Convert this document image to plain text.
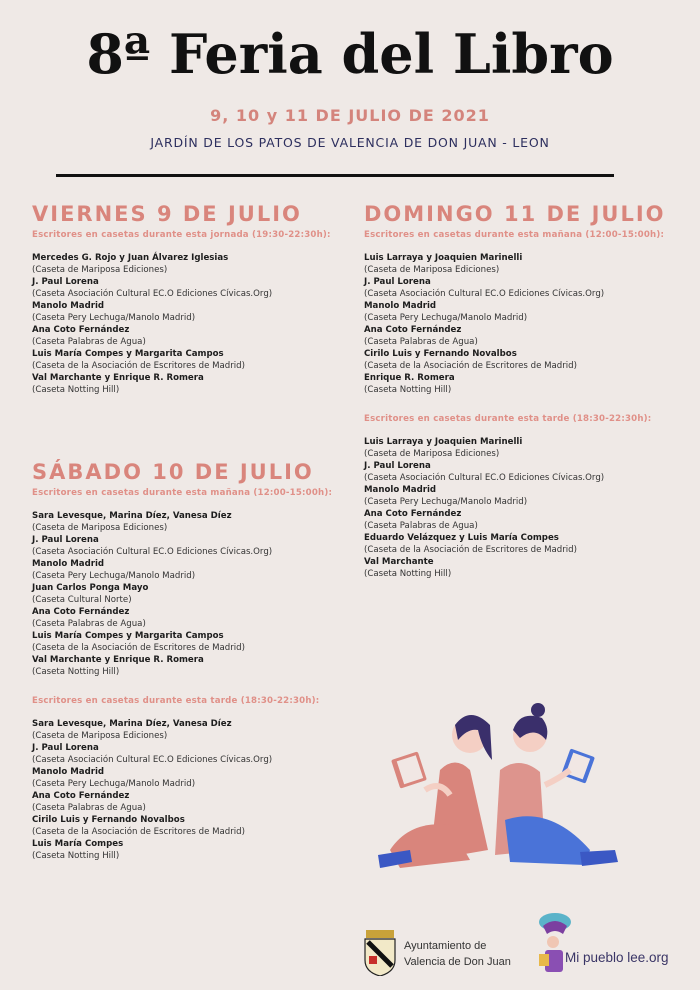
8ª Feria del Libro
9, 10 y 11 DE JULIO DE 2021
JARDÍN DE LOS PATOS DE VALENCIA DE DON JUAN - LEON
VIERNES 9 DE JULIO
Escritores en casetas durante esta jornada (19:30-22:30h):
Mercedes G. Rojo y Juan Álvarez Iglesias
(Caseta de Mariposa Ediciones)
J. Paul Lorena
(Caseta Asociación Cultural EC.O Ediciones Cívicas.Org)
Manolo Madrid
(Caseta Pery Lechuga/Manolo Madrid)
Ana Coto Fernández
(Caseta Palabras de Agua)
Luis María Compes y Margarita Campos
(Caseta de la Asociación de Escritores de Madrid)
Val Marchante y Enrique R. Romera
(Caseta Notting Hill)
SÁBADO 10 DE JULIO
Escritores en casetas durante esta mañana (12:00-15:00h):
Sara Levesque, Marina Díez, Vanesa Díez
(Caseta de Mariposa Ediciones)
J. Paul Lorena
(Caseta Asociación Cultural EC.O Ediciones Cívicas.Org)
Manolo Madrid
(Caseta Pery Lechuga/Manolo Madrid)
Juan Carlos Ponga Mayo
(Caseta Cultural Norte)
Ana Coto Fernández
(Caseta Palabras de Agua)
Luis María Compes y Margarita Campos
(Caseta de la Asociación de Escritores de Madrid)
Val Marchante y Enrique R. Romera
(Caseta Notting Hill)
Escritores en casetas durante esta tarde (18:30-22:30h):
Sara Levesque, Marina Díez, Vanesa Díez
(Caseta de Mariposa Ediciones)
J. Paul Lorena
(Caseta Asociación Cultural EC.O Ediciones Cívicas.Org)
Manolo Madrid
(Caseta Pery Lechuga/Manolo Madrid)
Ana Coto Fernández
(Caseta Palabras de Agua)
Cirilo Luis y Fernando Novalbos
(Caseta de la Asociación de Escritores de Madrid)
Luis María Compes
(Caseta Notting Hill)
DOMINGO 11 DE JULIO
Escritores en casetas durante esta mañana (12:00-15:00h):
Luis Larraya y Joaquien Marinelli
(Caseta de Mariposa Ediciones)
J. Paul Lorena
(Caseta Asociación Cultural EC.O Ediciones Cívicas.Org)
Manolo Madrid
(Caseta Pery Lechuga/Manolo Madrid)
Ana Coto Fernández
(Caseta Palabras de Agua)
Cirilo Luis y Fernando Novalbos
(Caseta de la Asociación de Escritores de Madrid)
Enrique R. Romera
(Caseta Notting Hill)
Escritores en casetas durante esta tarde (18:30-22:30h):
Luis Larraya y Joaquien Marinelli
(Caseta de Mariposa Ediciones)
J. Paul Lorena
(Caseta Asociación Cultural EC.O Ediciones Cívicas.Org)
Manolo Madrid
(Caseta Pery Lechuga/Manolo Madrid)
Ana Coto Fernández
(Caseta Palabras de Agua)
Eduardo Velázquez y Luis María Compes
(Caseta de la Asociación de Escritores de Madrid)
Val Marchante
(Caseta Notting Hill)
Ayuntamiento de
Valencia de Don Juan	Mi pueblo lee.org
